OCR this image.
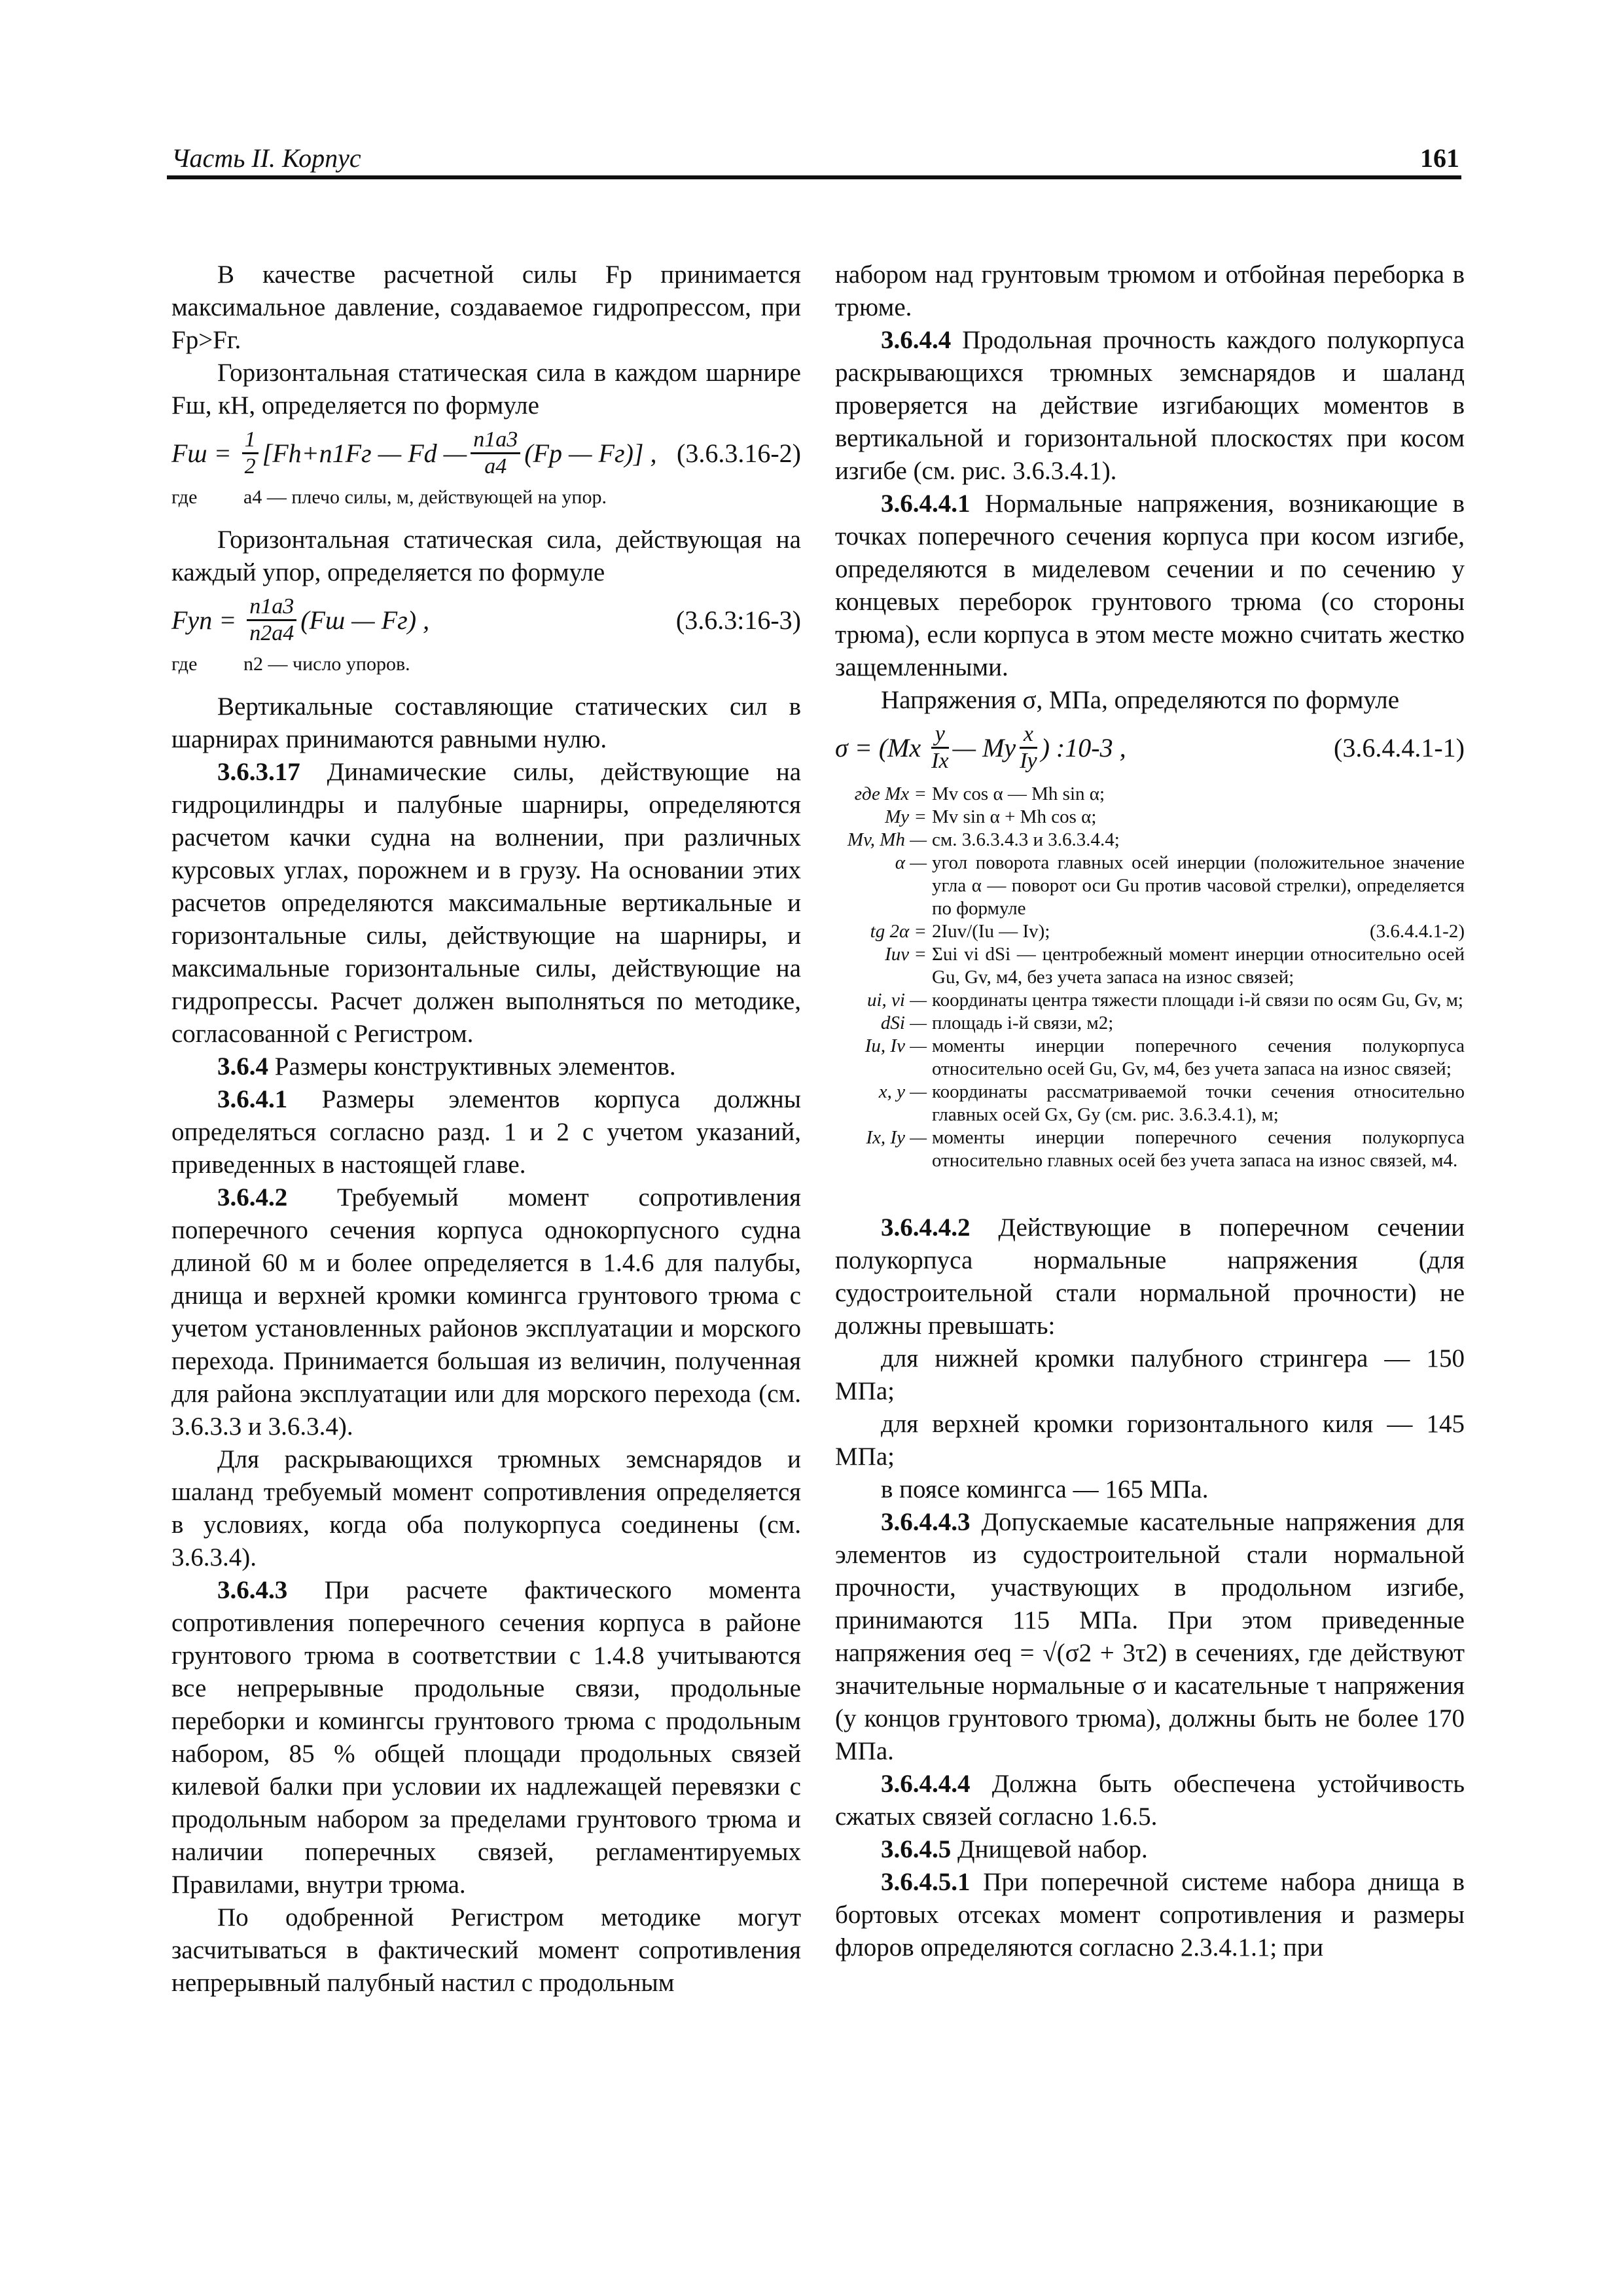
Часть II. Корпус	161

В качестве расчетной силы Fр принимается максимальное давление, создаваемое гидропрессом, при Fр>Fг.

Горизонтальная статическая сила в каждом шарнире Fш, кН, определяется по формуле

Fш = $\frac{1}{2} [Fh+n1Fг$ — Fd — n1a3
a4 (Fр — Fг)] , (3.6.3.16-2)
где	a4 — плечо силы, м, действующей на упор.

Горизонтальная статическая сила, действующая на каждый упор, определяется по формуле

Fуп = $\frac{n1a3}{n2a4} (Fш$ — Fг) ,	(3.6.3:16-3)
где	n2 — число упоров.

Вертикальные составляющие статических сил в шарнирах принимаются равными нулю.

3.6.3.17 Динамические силы, действующие на гидроцилиндры и палубные шарниры, определяются расчетом качки судна на волнении, при различных курсовых углах, порожнем и в грузу. На основании этих расчетов определяются максимальные вертикальные и горизонтальные силы, действующие на шарниры, и максимальные горизонтальные силы, действующие на гидропрессы. Расчет должен выполняться по методике, согласованной с Регистром.

3.6.4 Размеры конструктивных элементов.

3.6.4.1 Размеры элементов корпуса должны определяться согласно разд. 1 и 2 с учетом указаний, приведенных в настоящей главе.

3.6.4.2 Требуемый момент сопротивления поперечного сечения корпуса однокорпусного судна длиной 60 м и более определяется в 1.4.6 для палубы, днища и верхней кромки комингса грунтового трюма с учетом установленных районов эксплуатации и морского перехода. Принимается большая из величин, полученная для района эксплуатации или для морского перехода (см. 3.6.3.3 и 3.6.3.4).

Для раскрывающихся трюмных земснарядов и шаланд требуемый момент сопротивления определяется в условиях, когда оба полукорпуса соединены (см. 3.6.3.4).

3.6.4.3 При расчете фактического момента сопротивления поперечного сечения корпуса в районе грунтового трюма в соответствии с 1.4.8 учитываются все непрерывные продольные связи, продольные переборки и комингсы грунтового трюма с продольным набором, 85 % общей площади продольных связей килевой балки при условии их надлежащей перевязки с продольным набором за пределами грунтового трюма и наличии поперечных связей, регламентируемых Правилами, внутри трюма.

По одобренной Регистром методике могут засчитываться в фактический момент сопротивления непрерывный палубный настил с продольным

набором над грунтовым трюмом и отбойная переборка в трюме.

3.6.4.4 Продольная прочность каждого полукорпуса раскрывающихся трюмных земснарядов и шаланд проверяется на действие изгибающих моментов в вертикальной и горизонтальной плоскостях при косом изгибе (см. рис. 3.6.3.4.1).

3.6.4.4.1 Нормальные напряжения, возникающие в точках поперечного сечения корпуса при косом изгибе, определяются в миделевом сечении и по сечению у концевых переборок грунтового трюма (со стороны трюма), если корпуса в этом месте можно считать жестко защемленными.

Напряжения σ, МПа, определяются по формуле

σ = (Mx y
Ix — My x
Iy ) :10-3 ,	(3.6.4.4.1-1)
где Mx = Mv cos α — Mh sin α;
My = Mv sin α + Mh cos α;
Mv, Mh — см. 3.6.3.4.3 и 3.6.3.4.4;
α — угол поворота главных осей инерции (положительное значение угла α — поворот оси Gu против часовой стрелки), определяется по формуле
tg 2α = 2Iuv/(Iu — Iv);	(3.6.4.4.1-2)
Iuv = Σui vi dSi — центробежный момент инерции относительно осей Gu, Gv, м4, без учета запаса на износ связей;
ui, vi — координаты центра тяжести площади i-й связи по осям Gu, Gv, м;
dSi — площадь i-й связи, м2;
Iu, Iv — моменты инерции поперечного сечения полукорпуса относительно осей Gu, Gv, м4, без учета запаса на износ связей;
x, y — координаты рассматриваемой точки сечения относительно главных осей Gx, Gy (см. рис. 3.6.3.4.1), м;
Ix, Iy — моменты инерции поперечного сечения полукорпуса относительно главных осей без учета запаса на износ связей, м4.

3.6.4.4.2 Действующие в поперечном сечении полукорпуса нормальные напряжения (для судостроительной стали нормальной прочности) не должны превышать:

для нижней кромки палубного стрингера — 150 МПа;

для верхней кромки горизонтального киля — 145 МПа;

в поясе комингса — 165 МПа.

3.6.4.4.3 Допускаемые касательные напряжения для элементов из судостроительной стали нормальной прочности, участвующих в продольном изгибе, принимаются 115 МПа. При этом приведенные напряжения σeq = √(σ2 + 3τ2) в сечениях, где действуют значительные нормальные σ и касательные τ напряжения (у концов грунтового трюма), должны быть не более 170 МПа.

3.6.4.4.4 Должна быть обеспечена устойчивость сжатых связей согласно 1.6.5.

3.6.4.5 Днищевой набор.

3.6.4.5.1 При поперечной системе набора днища в бортовых отсеках момент сопротивления и размеры флоров определяются согласно 2.3.4.1.1; при
